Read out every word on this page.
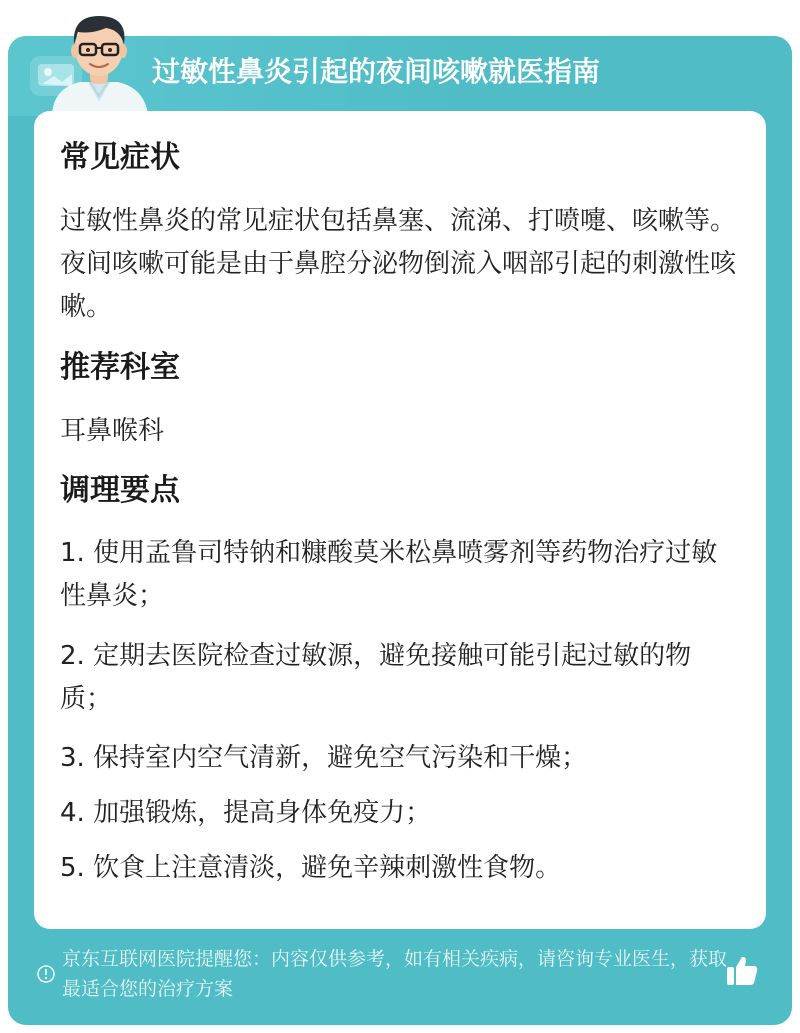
过敏性鼻炎引起的夜间咳嗽就医指南
常见症状
过敏性鼻炎的常见症状包括鼻塞、流涕、打喷嚏、咳嗽等。夜间咳嗽可能是由于鼻腔分泌物倒流入咽部引起的刺激性咳嗽。
推荐科室
耳鼻喉科
调理要点
1. 使用孟鲁司特钠和糠酸莫米松鼻喷雾剂等药物治疗过敏性鼻炎；
2. 定期去医院检查过敏源，避免接触可能引起过敏的物质；
3. 保持室内空气清新，避免空气污染和干燥；
4. 加强锻炼，提高身体免疫力；
5. 饮食上注意清淡，避免辛辣刺激性食物。
京东互联网医院提醒您：内容仅供参考，如有相关疾病，请咨询专业医生，获取最适合您的治疗方案
